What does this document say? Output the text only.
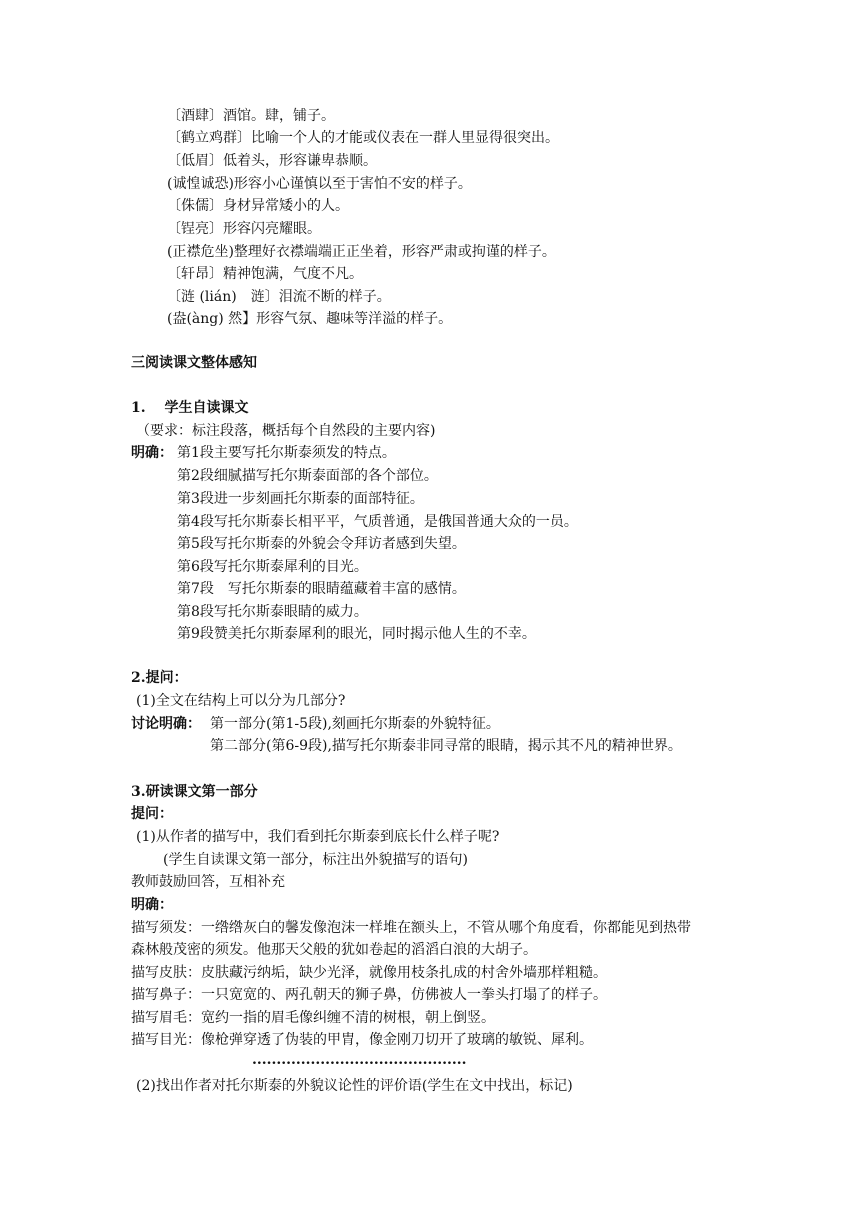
〔酒肆〕酒馆。肆，铺子。
〔鹤立鸡群〕比喻一个人的才能或仪表在一群人里显得很突出。
〔低眉〕低着头，形容谦卑恭顺。
(诚惶诚恐)形容小心谨慎以至于害怕不安的样子。
〔侏儒〕身材异常矮小的人。
〔锃亮〕形容闪亮耀眼。
(正襟危坐)整理好衣襟端端正正坐着，形容严肃或拘谨的样子。
〔轩昂〕精神饱满，气度不凡。
〔涟 (lián)　涟〕泪流不断的样子。
(盎(àng) 然】形容气氛、趣味等洋溢的样子。
三阅读课文整体感知
1.　 学生自读课文
（要求：标注段落，概括每个自然段的主要内容)
明确： 第1段主要写托尔斯泰须发的特点。
第2段细腻描写托尔斯泰面部的各个部位。
第3段进一步刻画托尔斯泰的面部特征。
第4段写托尔斯泰长相平平，气质普通，是俄国普通大众的一员。
第5段写托尔斯泰的外貌会令拜访者感到失望。
第6段写托尔斯泰犀利的目光。
第7段　写托尔斯泰的眼睛蕴藏着丰富的感情。
第8段写托尔斯泰眼睛的威力。
第9段赞美托尔斯泰犀利的眼光，同时揭示他人生的不幸。
2.提问：
(1)全文在结构上可以分为几部分?
讨论明确： 第一部分(第1-5段),刻画托尔斯泰的外貌特征。
第二部分(第6-9段),描写托尔斯泰非同寻常的眼睛，揭示其不凡的精神世界。
3.研读课文第一部分
提问：
(1)从作者的描写中，我们看到托尔斯泰到底长什么样子呢?
(学生自读课文第一部分，标注出外貌描写的语句)
教师鼓励回答，互相补充
明确：
描写须发：一绺绺灰白的馨发像泡沫一样堆在额头上，不管从哪个角度看，你都能见到热带
森林般茂密的须发。他那天父般的犹如卷起的滔滔白浪的大胡子。
描写皮肤：皮肤藏污纳垢，缺少光泽，就像用枝条扎成的村舍外墙那样粗糙。
描写鼻子：一只宽宽的、两孔朝天的狮子鼻，仿佛被人一拳头打塌了的样子。
描写眉毛：宽约一指的眉毛像纠缠不清的树根，朝上倒竖。
描写目光：像枪弹穿透了伪装的甲胄，像金刚刀切开了玻璃的敏锐、犀利。
............................................
(2)找出作者对托尔斯泰的外貌议论性的评价语(学生在文中找出，标记)
